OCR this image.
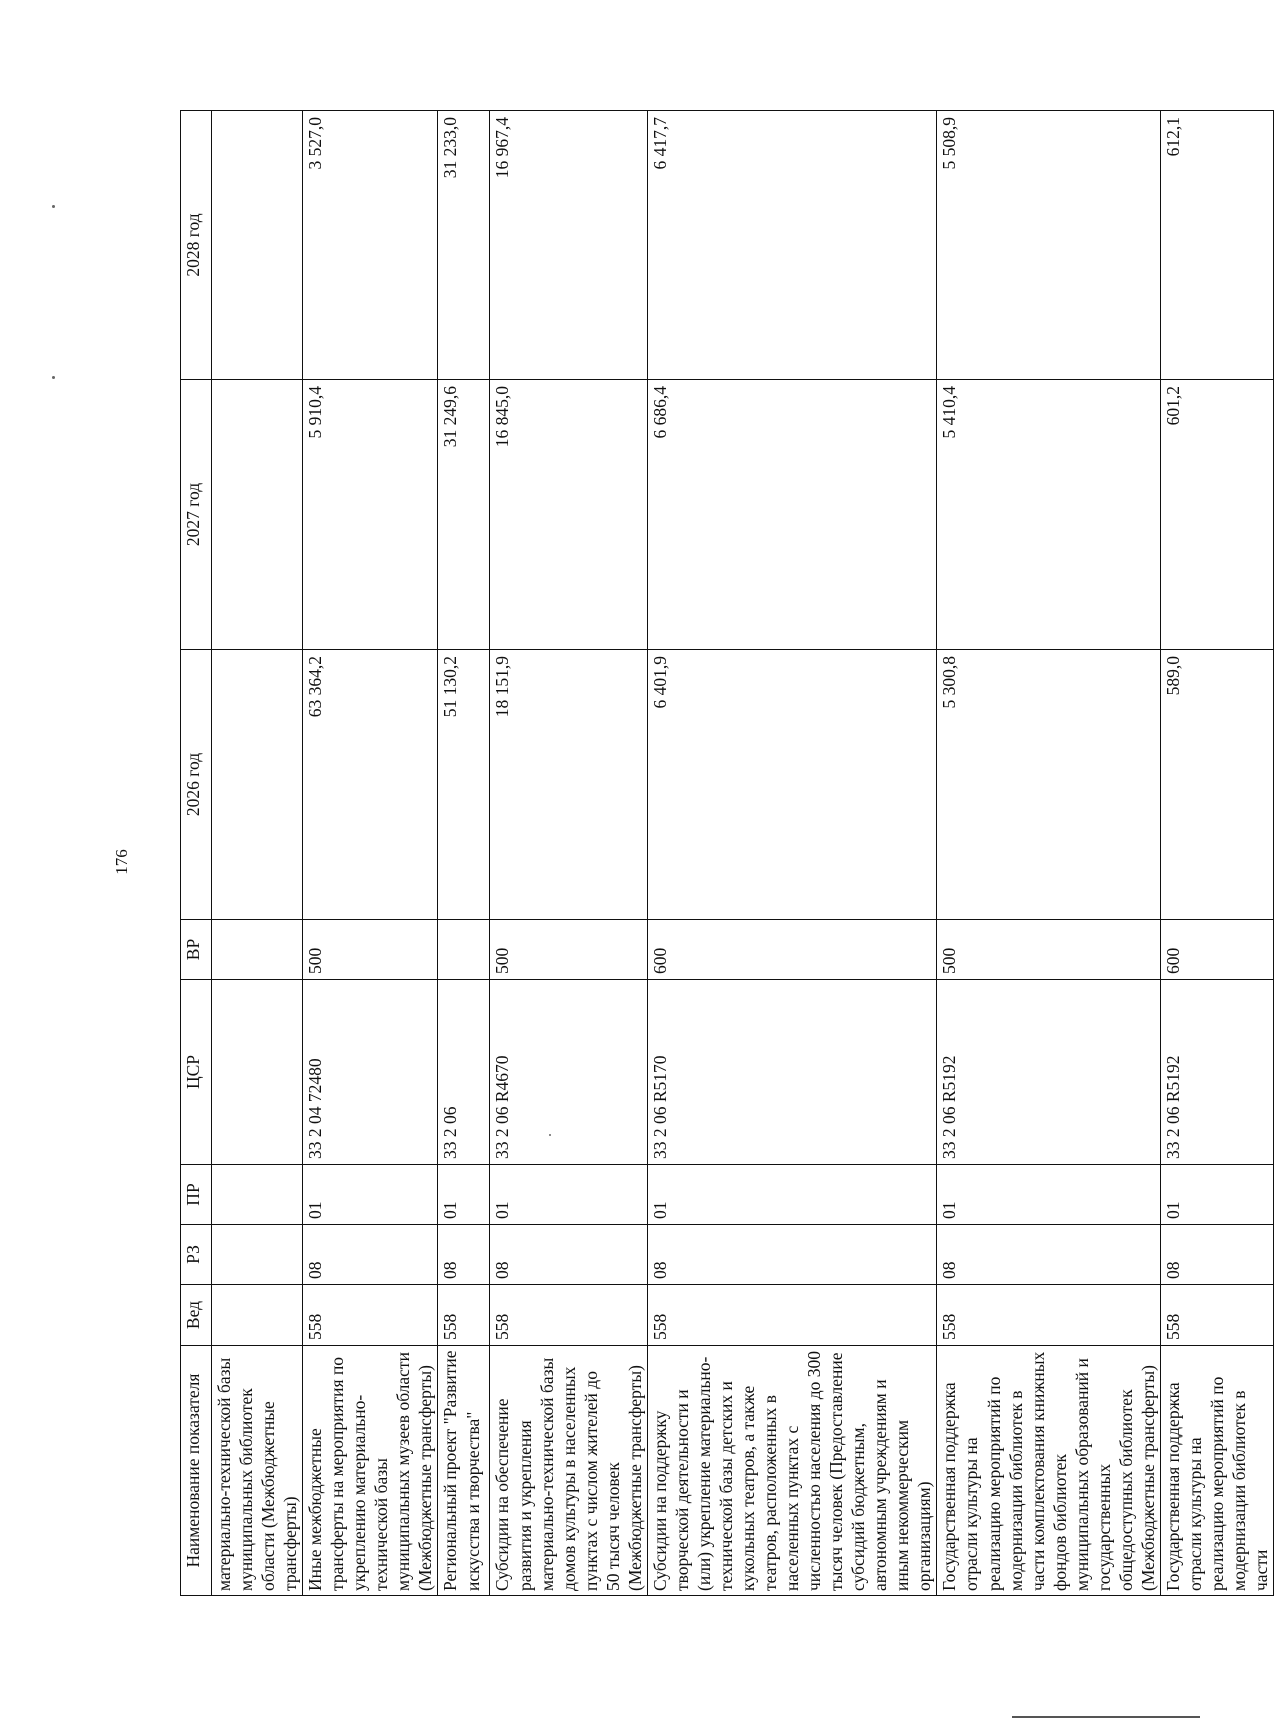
176
Наименование показателя	Вед	РЗ	ПР	ЦСР	ВР	2026 год	2027 год	2028 год
материально-технической базы муниципальных библиотек области (Межбюджетные трансферты)								
Иные межбюджетные трансферты на мероприятия по укреплению материально-технической базы муниципальных музеев области (Межбюджетные трансферты)	558	08	01	33 2 04 72480	500	63 364,2	5 910,4	3 527,0
Региональный проект "Развитие искусства и творчества"	558	08	01	33 2 06		51 130,2	31 249,6	31 233,0
Субсидии на обеспечение развития и укрепления материально-технической базы домов культуры в населенных пунктах с числом жителей до 50 тысяч человек (Межбюджетные трансферты)	558	08	01	33 2 06 R4670	500	18 151,9	16 845,0	16 967,4
Субсидии на поддержку творческой деятельности и (или) укрепление материально-технической базы детских и кукольных театров, а также театров, расположенных в населенных пунктах с численностью населения до 300 тысяч человек (Предоставление субсидий бюджетным, автономным учреждениям и иным некоммерческим организациям)	558	08	01	33 2 06 R5170	600	6 401,9	6 686,4	6 417,7
Государственная поддержка отрасли культуры на реализацию мероприятий по модернизации библиотек в части комплектования книжных фондов библиотек муниципальных образований и государственных общедоступных библиотек (Межбюджетные трансферты)	558	08	01	33 2 06 R5192	500	5 300,8	5 410,4	5 508,9
Государственная поддержка отрасли культуры на реализацию мероприятий по модернизации библиотек в части	558	08	01	33 2 06 R5192	600	589,0	601,2	612,1
